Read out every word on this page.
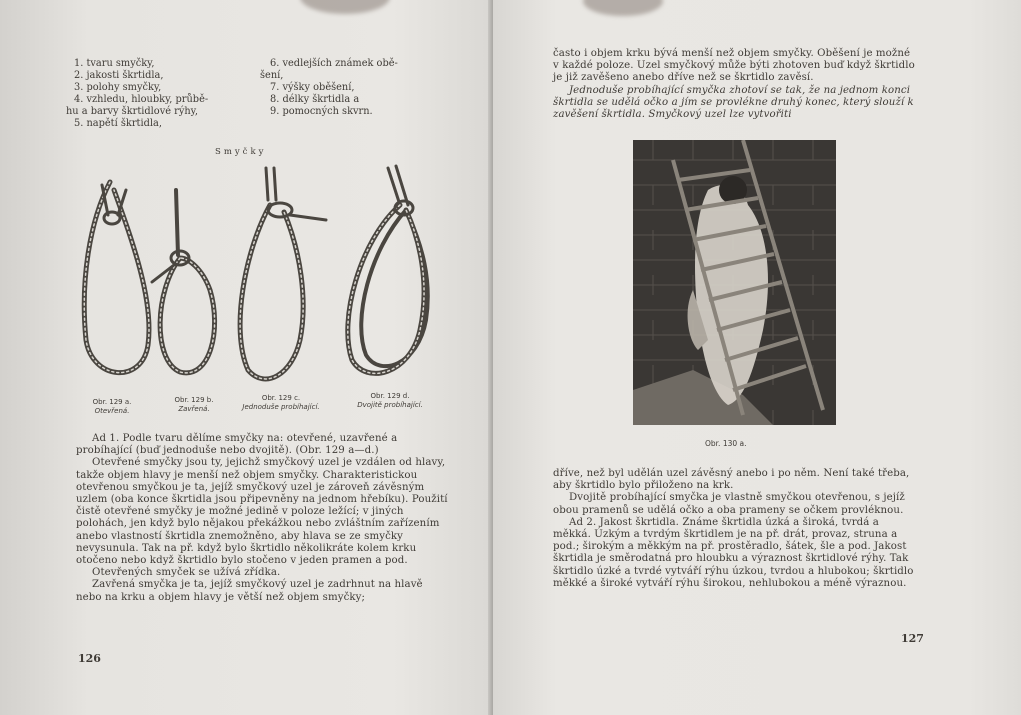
1. tvaru smyčky,
2. jakosti škrtidla,
3. polohy smyčky,
4. vzhledu, hloubky, průbě-
hu a barvy škrtidlové rýhy,
5. napětí škrtidla,
6. vedlejších známek obě-
šení,
7. výšky oběšení,
8. délky škrtidla a
9. pomocných skvrn.
Smyčky
Obr. 129 a.
Otevřená.
Obr. 129 b.
Zavřená.
Obr. 129 c.
Jednoduše probíhající.
Obr. 129 d.
Dvojitě probíhající.

Ad 1. Podle tvaru dělíme smyčky na: otevřené, uzavřené a probíhající (buď jednoduše nebo dvojitě). (Obr. 129 a—d.)

Otevřené smyčky jsou ty, jejichž smyčkový uzel je vzdálen od hlavy, takže objem hlavy je menší než objem smyčky. Charakteristickou otevřenou smyčkou je ta, jejíž smyčkový uzel je zároveň závěsným uzlem (oba konce škrtidla jsou připevněny na jednom hřebíku). Použití čistě otevřené smyčky je možné jedině v poloze ležící; v jiných polohách, jen když bylo nějakou překážkou nebo zvláštním zařízením anebo vlastností škrtidla znemožněno, aby hlava se ze smyčky nevysunula. Tak na př. když bylo škrtidlo několikráte kolem krku otočeno nebo když škrtidlo bylo stočeno v jeden pramen a pod.

Otevřených smyček se užívá zřídka.

Zavřená smyčka je ta, jejíž smyčkový uzel je zadrhnut na hlavě nebo na krku a objem hlavy je větší než objem smyčky;

126

často i objem krku bývá menší než objem smyčky. Oběšení je možné v každé poloze. Uzel smyčkový může býti zhotoven buď když škrtidlo je již zavěšeno anebo dříve než se škrtidlo zavěsí.

Jednoduše probíhající smyčka zhotoví se tak, že na jednom konci škrtidla se udělá očko a jím se provlékne druhý konec, který slouží k zavěšení škrtidla. Smyčkový uzel lze vytvořiti

Obr. 130 a.

dříve, než byl udělán uzel závěsný anebo i po něm. Není také třeba, aby škrtidlo bylo přiloženo na krk.

Dvojitě probíhající smyčka je vlastně smyčkou otevřenou, s jejíž obou pramenů se udělá očko a oba prameny se očkem provléknou.

Ad 2. Jakost škrtidla. Známe škrtidla úzká a široká, tvrdá a měkká. Úzkým a tvrdým škrtidlem je na př. drát, provaz, struna a pod.; širokým a měkkým na př. prostěradlo, šátek, šle a pod. Jakost škrtidla je směrodatná pro hloubku a výraznost škrtidlové rýhy. Tak škrtidlo úzké a tvrdé vytváří rýhu úzkou, tvrdou a hlubokou; škrtidlo měkké a široké vytváří rýhu širokou, nehlubokou a méně výraznou.

127
